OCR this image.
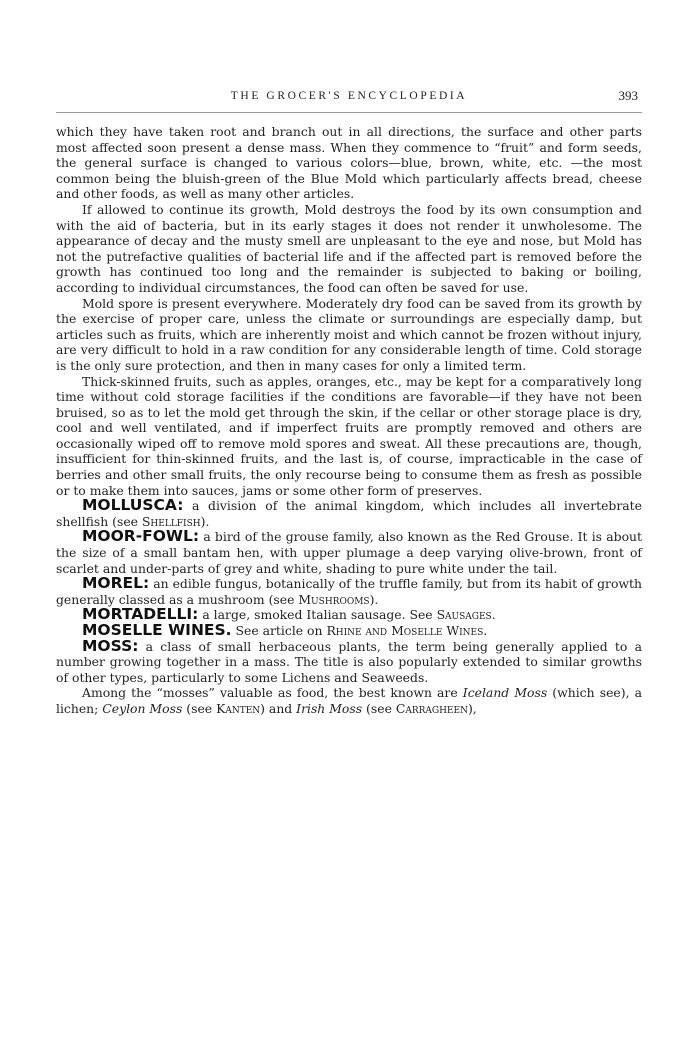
THE GROCER'S ENCYCLOPEDIA	393

which they have taken root and branch out in all directions, the surface and other parts most affected soon present a dense mass. When they commence to “fruit” and form seeds, the general surface is changed to various colors—blue, brown, white, etc. —the most common being the bluish-green of the Blue Mold which particularly affects bread, cheese and other foods, as well as many other articles.

If allowed to continue its growth, Mold destroys the food by its own consumption and with the aid of bacteria, but in its early stages it does not render it unwholesome. The appearance of decay and the musty smell are unpleasant to the eye and nose, but Mold has not the putrefactive qualities of bacterial life and if the affected part is removed before the growth has continued too long and the remainder is subjected to baking or boiling, according to individual circumstances, the food can often be saved for use.

Mold spore is present everywhere. Moderately dry food can be saved from its growth by the exercise of proper care, unless the climate or surroundings are especially damp, but articles such as fruits, which are inherently moist and which cannot be frozen without injury, are very difficult to hold in a raw condition for any considerable length of time. Cold storage is the only sure protection, and then in many cases for only a limited term.

Thick-skinned fruits, such as apples, oranges, etc., may be kept for a comparatively long time without cold storage facilities if the conditions are favorable—if they have not been bruised, so as to let the mold get through the skin, if the cellar or other storage place is dry, cool and well ventilated, and if imperfect fruits are promptly removed and others are occasionally wiped off to remove mold spores and sweat. All these precautions are, though, insufficient for thin-skinned fruits, and the last is, of course, impracticable in the case of berries and other small fruits, the only recourse being to consume them as fresh as possible or to make them into sauces, jams or some other form of preserves.

MOLLUSCA: a division of the animal kingdom, which includes all invertebrate shellfish (see Shellfish).

MOOR-FOWL: a bird of the grouse family, also known as the Red Grouse. It is about the size of a small bantam hen, with upper plumage a deep varying olive-brown, front of scarlet and under-parts of grey and white, shading to pure white under the tail.

MOREL: an edible fungus, botanically of the truffle family, but from its habit of growth generally classed as a mushroom (see Mushrooms).

MORTADELLI: a large, smoked Italian sausage. See Sausages.

MOSELLE WINES. See article on Rhine and Moselle Wines.

MOSS: a class of small herbaceous plants, the term being generally applied to a number growing together in a mass. The title is also popularly extended to similar growths of other types, particularly to some Lichens and Seaweeds.

Among the “mosses” valuable as food, the best known are Iceland Moss (which see), a lichen; Ceylon Moss (see Kanten) and Irish Moss (see Carragheen),
